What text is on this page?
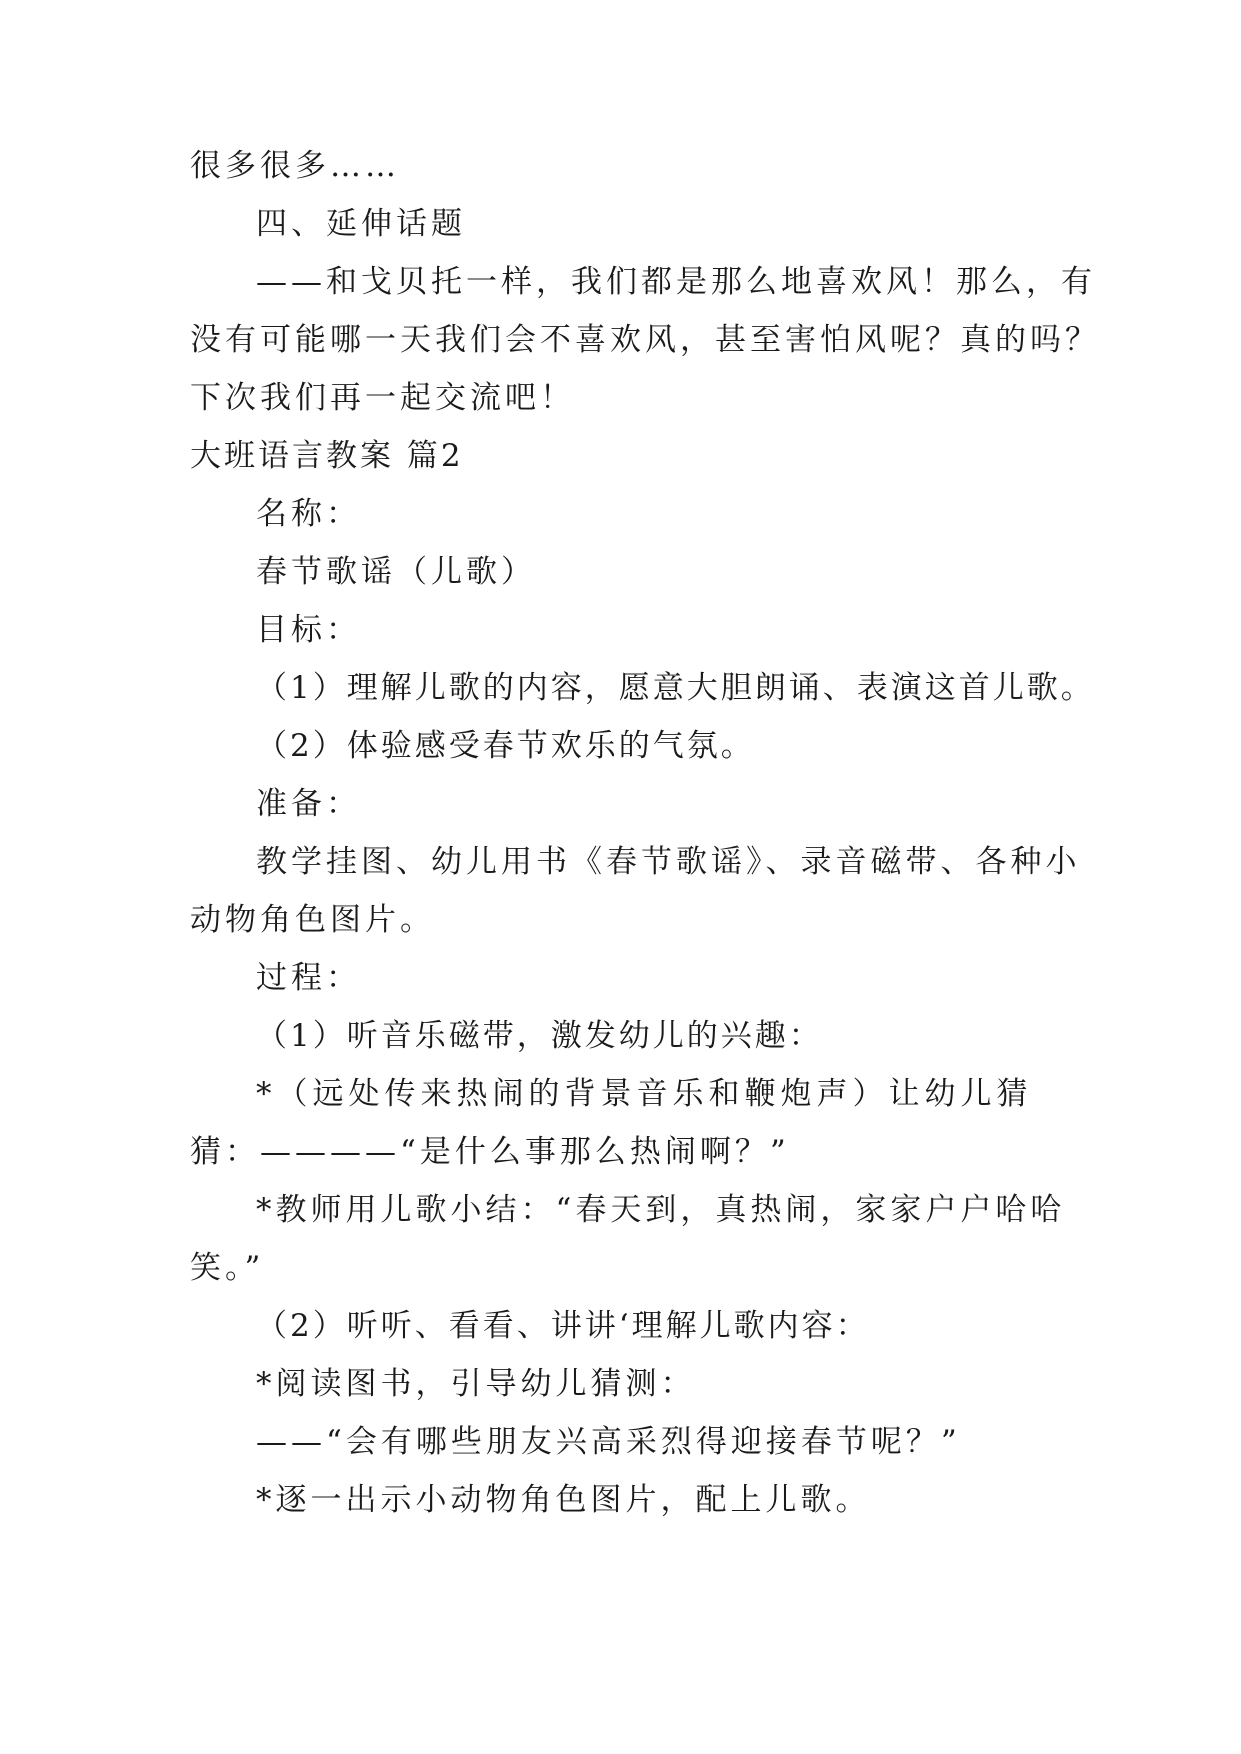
很多很多……
四、延伸话题
——和戈贝托一样，我们都是那么地喜欢风！那么，有
没有可能哪一天我们会不喜欢风，甚至害怕风呢？真的吗？
下次我们再一起交流吧！
大班语言教案 篇2
名称：
春节歌谣（儿歌）
目标：
（1）理解儿歌的内容，愿意大胆朗诵、表演这首儿歌。
（2）体验感受春节欢乐的气氛。
准备：
教学挂图、幼儿用书《春节歌谣》、录音磁带、各种小
动物角色图片。
过程：
（1）听音乐磁带，激发幼儿的兴趣：
*（远处传来热闹的背景音乐和鞭炮声）让幼儿猜
猜：————“是什么事那么热闹啊？”
*教师用儿歌小结：“春天到，真热闹，家家户户哈哈
笑。”
（2）听听、看看、讲讲‘理解儿歌内容：
*阅读图书，引导幼儿猜测：
——“会有哪些朋友兴高采烈得迎接春节呢？”
*逐一出示小动物角色图片，配上儿歌。
